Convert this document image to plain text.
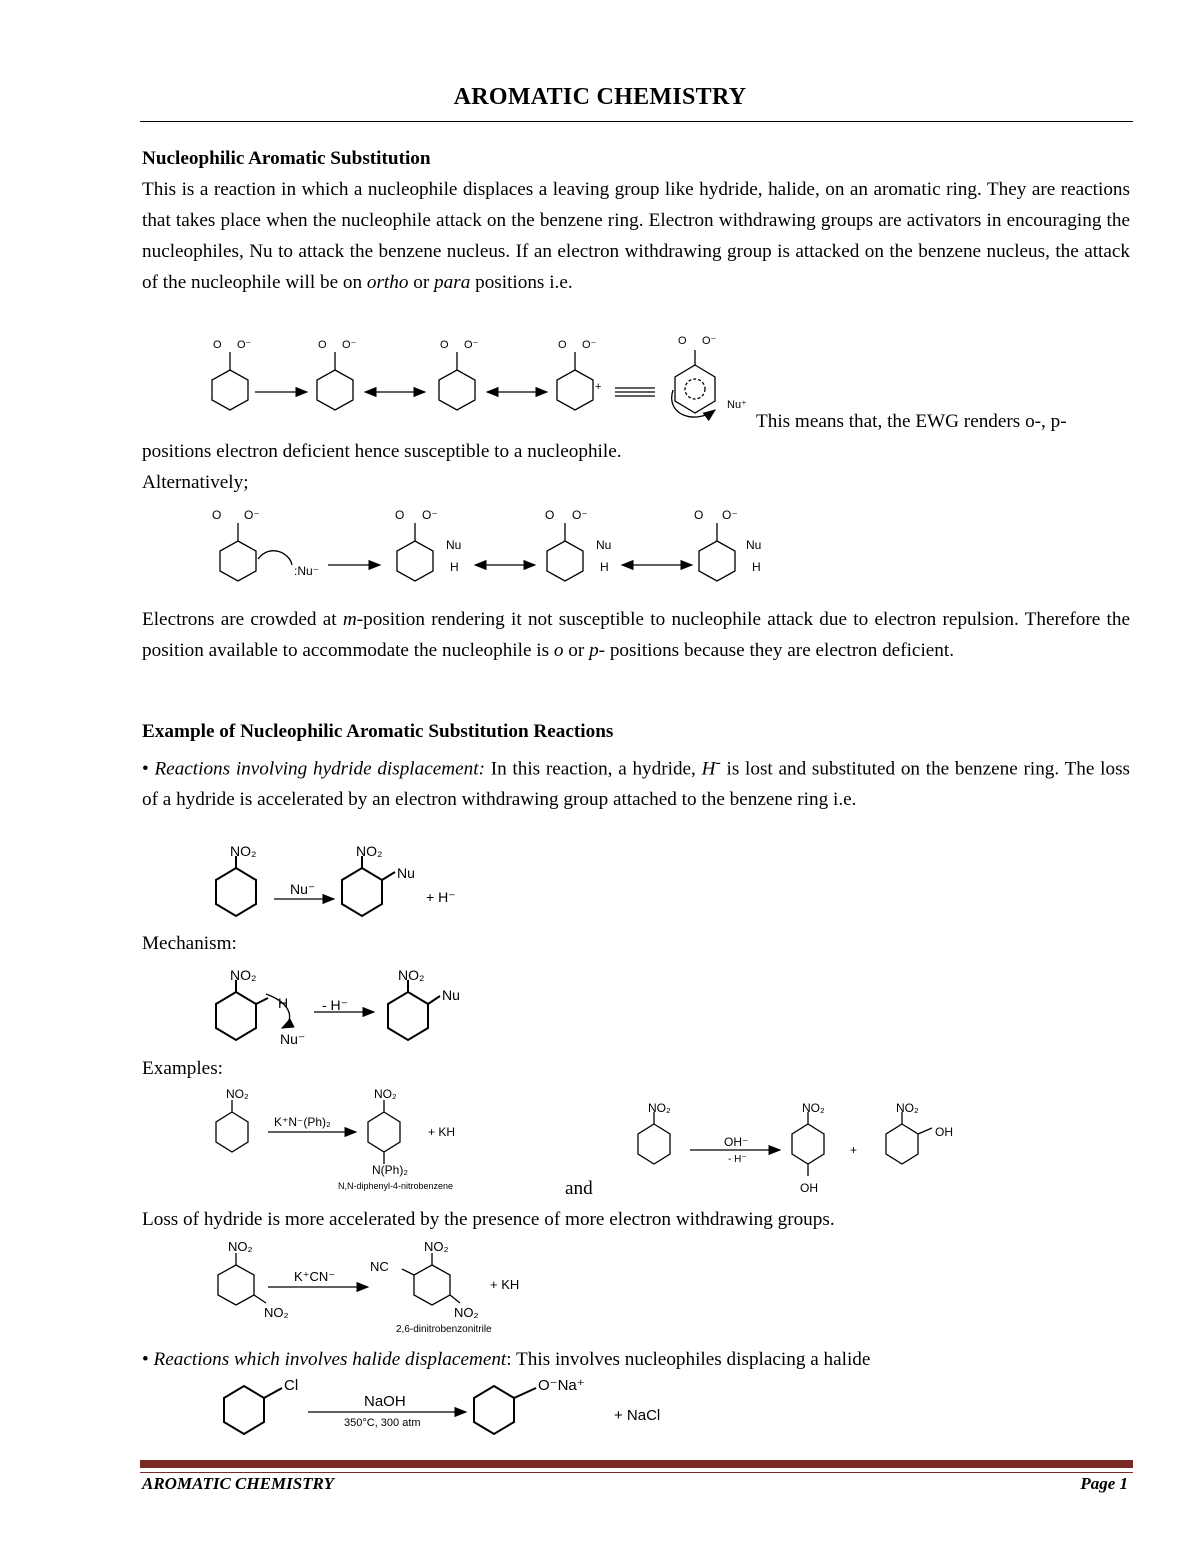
AROMATIC CHEMISTRY

Nucleophilic Aromatic Substitution

This is a reaction in which a nucleophile displaces a leaving group like hydride, halide, on an aromatic ring. They are reactions that takes place when the nucleophile attack on the benzene ring. Electron withdrawing groups are activators in encouraging the nucleophiles, Nu to attack the benzene nucleus. If an electron withdrawing group is attacked on the benzene nucleus, the attack of the nucleophile will be on ortho or para positions i.e.

O O⁻	O O⁻	O O⁻	O O⁻
+
O O⁻
Nu⁺
This means that, the EWG renders o-, p-
positions electron deficient hence susceptible to a nucleophile.
Alternatively;
O O⁻
:Nu⁻
O O⁻
Nu
H
O O⁻
Nu
H
O O⁻
Nu
H

Electrons are crowded at m-position rendering it not susceptible to nucleophile attack due to electron repulsion. Therefore the position available to accommodate the nucleophile is o or p- positions because they are electron deficient.

Example of Nucleophilic Aromatic Substitution Reactions

• Reactions involving hydride displacement: In this reaction, a hydride, H- is lost and substituted on the benzene ring. The loss of a hydride is accelerated by an electron withdrawing group attached to the benzene ring i.e.

NO₂
Nu⁻
NO₂
Nu
+ H⁻
Mechanism:
NO₂
H
Nu⁻
- H⁻
NO₂
Nu
Examples:
NO₂
K⁺N⁻(Ph)₂
NO₂
+ KH
N(Ph)₂
N,N-diphenyl-4-nitrobenzene	and
NO₂
OH⁻
- H⁻
NO₂
OH
+
NO₂
OH
Loss of hydride is more accelerated by the presence of more electron withdrawing groups.
NO₂
NO₂
K⁺CN⁻
NO₂
NC
NO₂
+ KH
2,6-dinitrobenzonitrile
• Reactions which involves halide displacement: This involves nucleophiles displacing a halide
Cl
NaOH
O⁻Na⁺
+ NaCl
350°C, 300 atm
AROMATIC CHEMISTRY	Page 1
